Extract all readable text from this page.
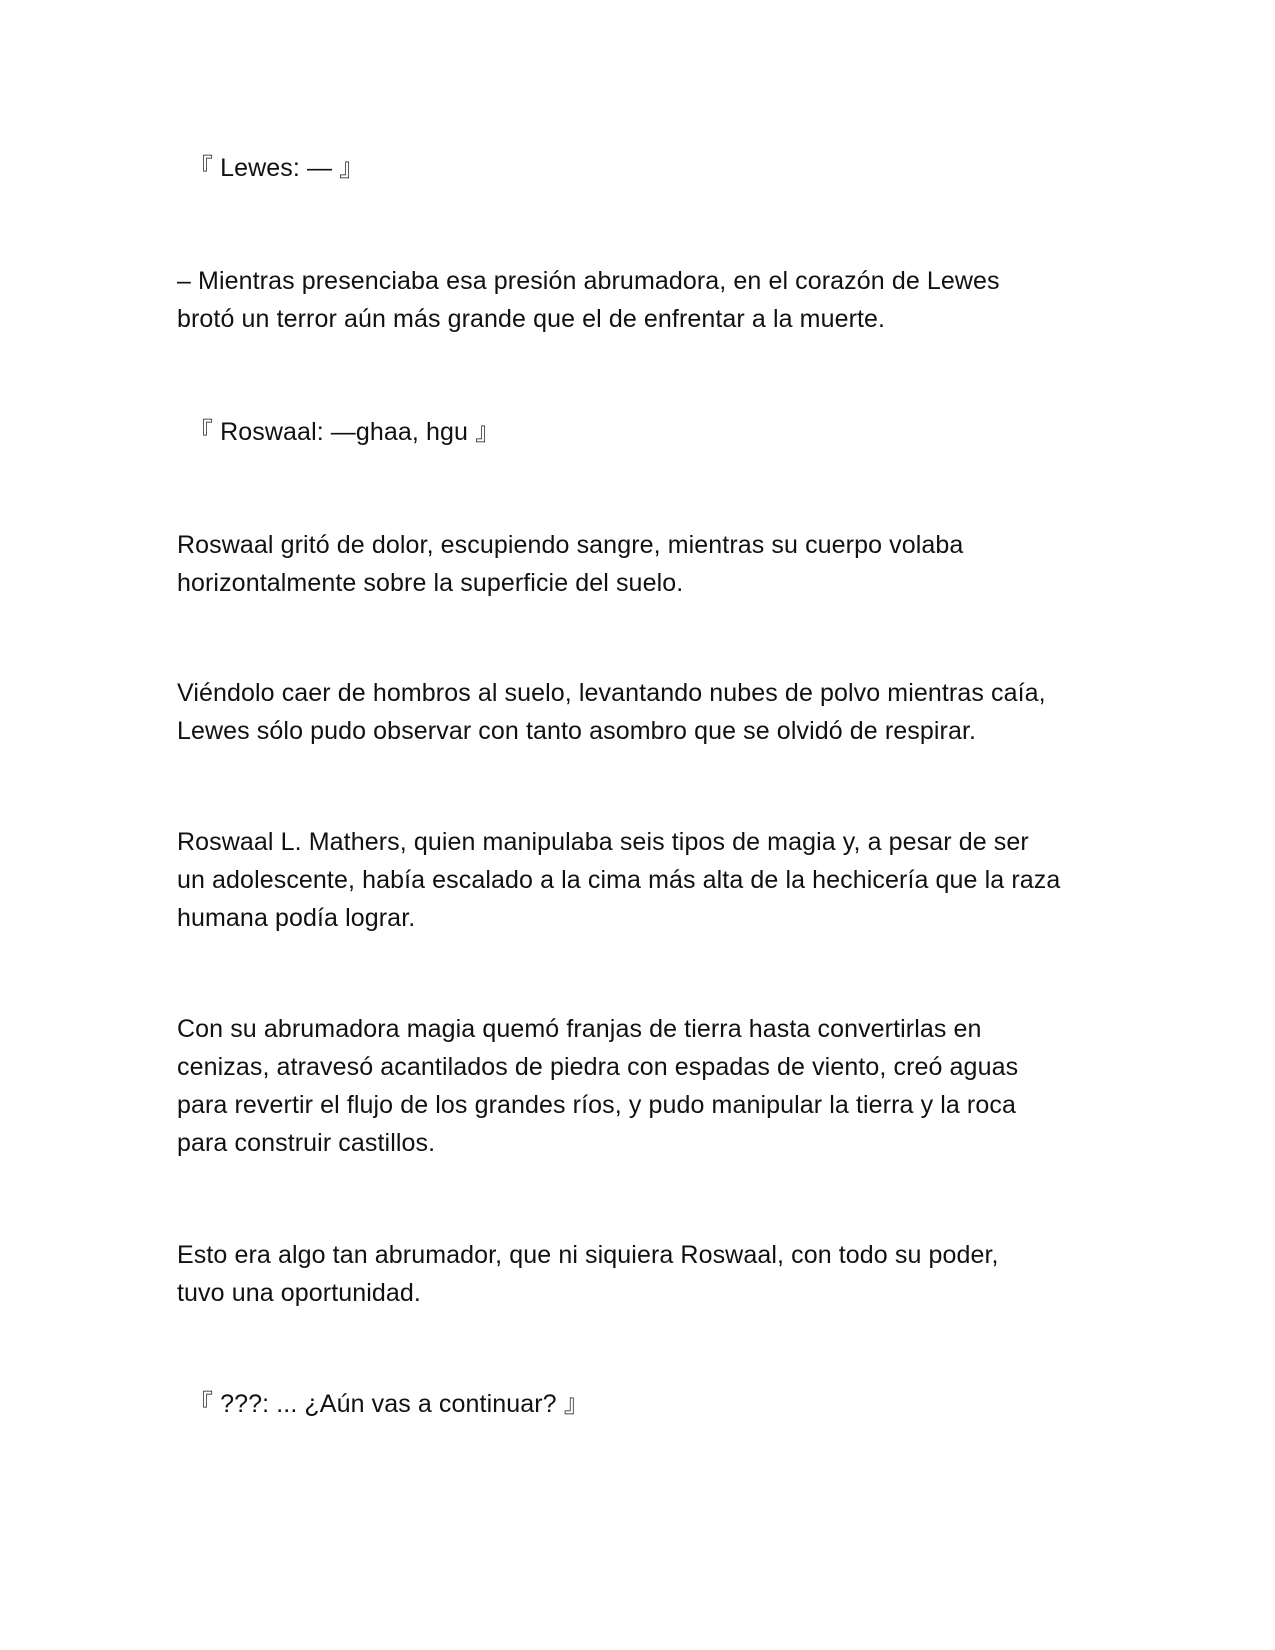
『 Lewes: — 』
– Mientras presenciaba esa presión abrumadora, en el corazón de Lewes
brotó un terror aún más grande que el de enfrentar a la muerte.
『 Roswaal: —ghaa, hgu 』
Roswaal gritó de dolor, escupiendo sangre, mientras su cuerpo volaba
horizontalmente sobre la superficie del suelo.
Viéndolo caer de hombros al suelo, levantando nubes de polvo mientras caía,
Lewes sólo pudo observar con tanto asombro que se olvidó de respirar.
Roswaal L. Mathers, quien manipulaba seis tipos de magia y, a pesar de ser
un adolescente, había escalado a la cima más alta de la hechicería que la raza
humana podía lograr.
Con su abrumadora magia quemó franjas de tierra hasta convertirlas en
cenizas, atravesó acantilados de piedra con espadas de viento, creó aguas
para revertir el flujo de los grandes ríos, y pudo manipular la tierra y la roca
para construir castillos.
Esto era algo tan abrumador, que ni siquiera Roswaal, con todo su poder,
tuvo una oportunidad.
『 ???: ... ¿Aún vas a continuar? 』
